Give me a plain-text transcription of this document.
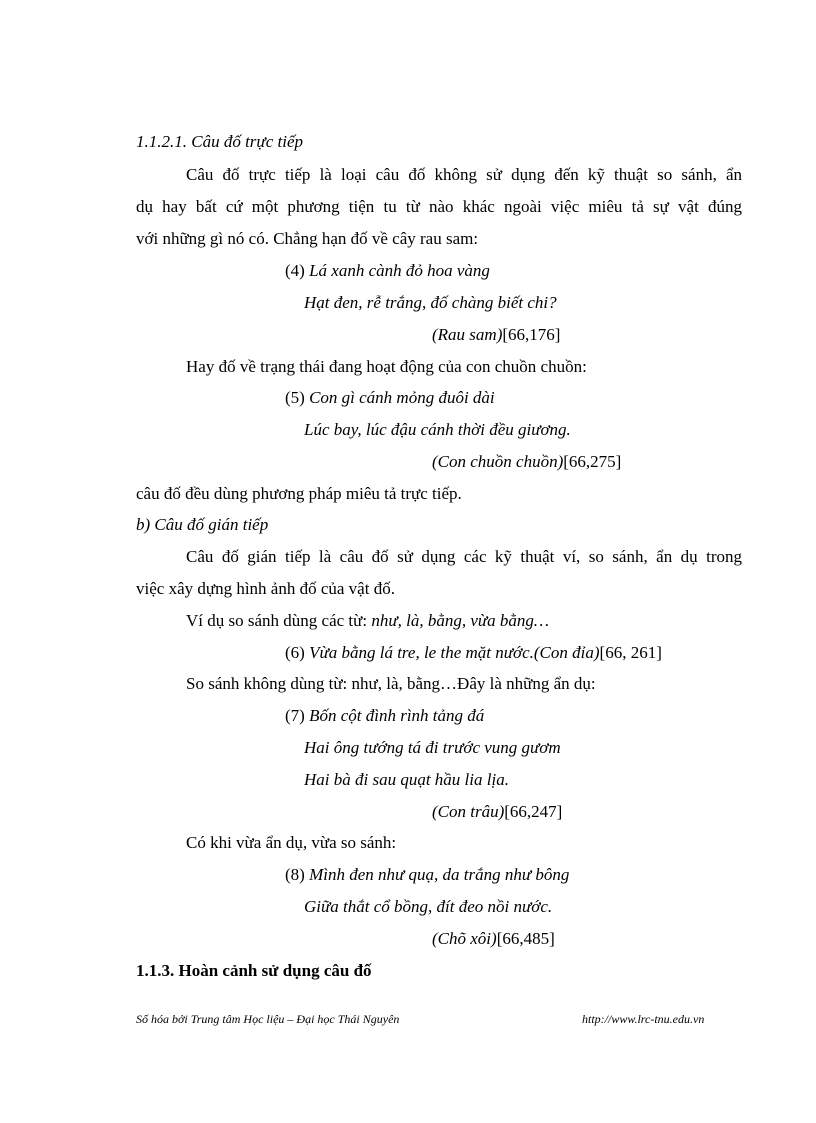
1.1.2.1. Câu đố trực tiếp
Câu đố trực tiếp là loại câu đố không sử dụng đến kỹ thuật so sánh, ẩn
dụ hay bất cứ một phương tiện tu từ nào khác ngoài việc miêu tả sự vật đúng
với những gì nó có. Chẳng hạn đố về cây rau sam:
(4) Lá xanh cành đỏ hoa vàng
Hạt đen, rễ trắng, đố chàng biết chi?
(Rau sam)[66,176]
Hay đố về trạng thái đang hoạt động của con chuồn chuồn:
(5) Con gì cánh mỏng đuôi dài
Lúc bay, lúc đậu cánh thời đều giương.
(Con chuồn chuồn)[66,275]
câu đố đều dùng phương pháp miêu tả trực tiếp.
b) Câu đố gián tiếp
Câu đố gián tiếp là câu đố sử dụng các kỹ thuật ví, so sánh, ẩn dụ trong
việc xây dựng hình ảnh đố của vật đố.
Ví dụ so sánh dùng các từ: như, là, bằng, vừa bằng…
(6) Vừa bằng lá tre, le the mặt nước.(Con đỉa)[66, 261]
So sánh không dùng từ: như, là, bằng…Đây là những ẩn dụ:
(7) Bốn cột đình rình tảng đá
Hai ông tướng tá đi trước vung gươm
Hai bà đi sau quạt hầu lia lịa.
(Con trâu)[66,247]
Có khi vừa ẩn dụ, vừa so sánh:
(8) Mình đen như quạ, da trắng như bông
Giữa thắt cổ bồng, đít đeo nồi nước.
(Chõ xôi)[66,485]
1.1.3. Hoàn cảnh sử dụng câu đố
Số hóa bởi Trung tâm Học liệu – Đại học Thái Nguyên	http://www.lrc-tnu.edu.vn
